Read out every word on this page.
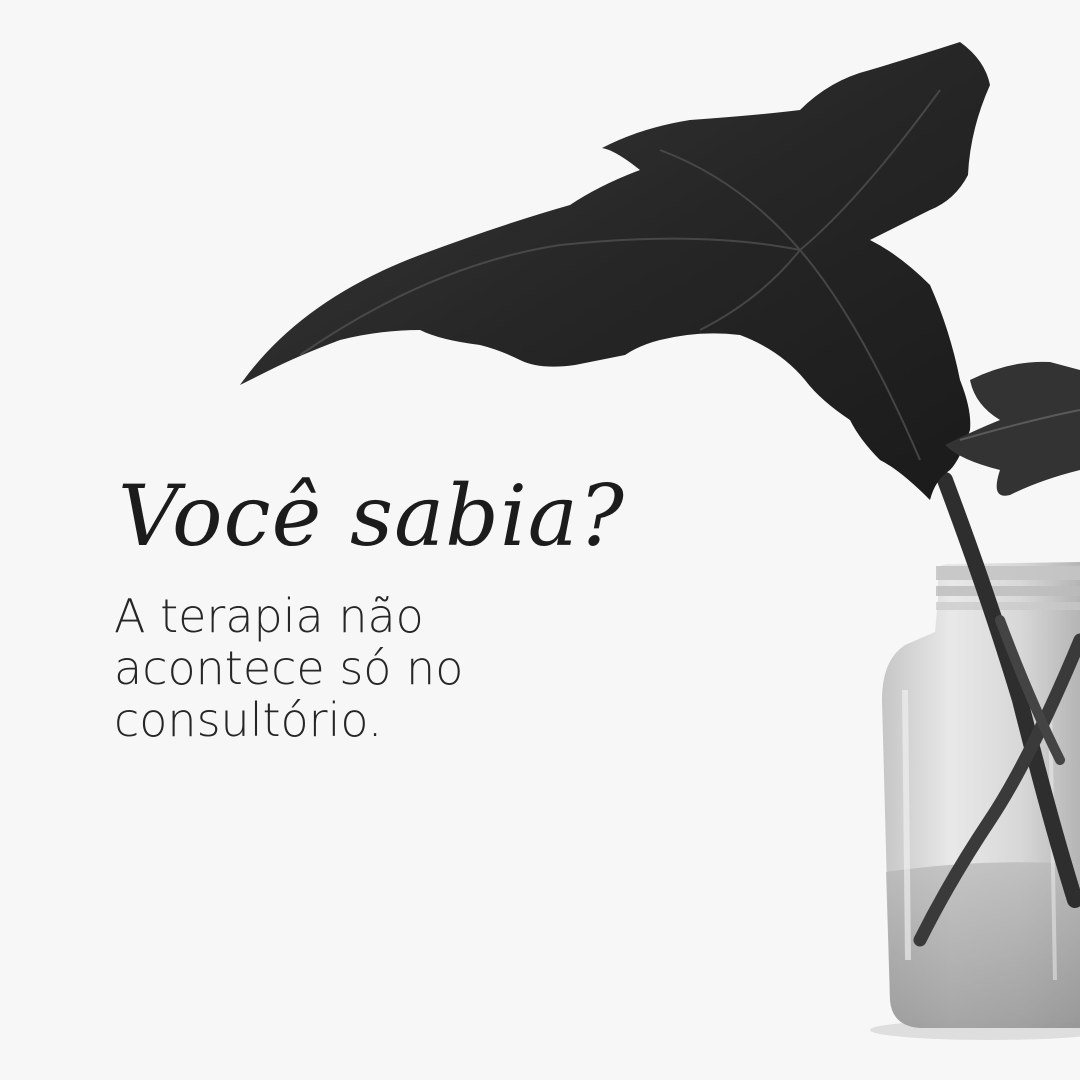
Você sabia?

A terapia não acontece só no consultório.
